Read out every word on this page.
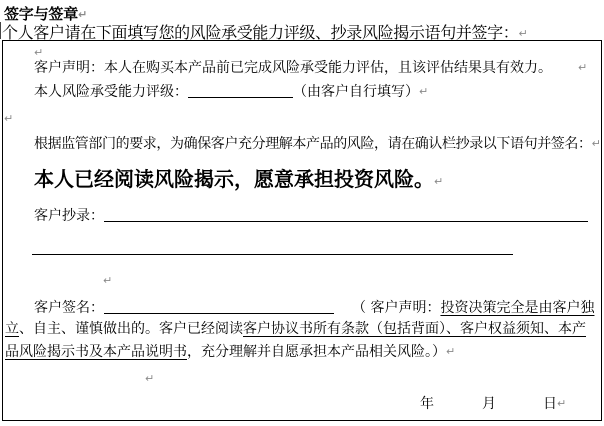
签字与签章↵
个人客户请在下面填写您的风险承受能力评级、抄录风险揭示语句并签字：↵
↵
客户声明：本人在购买本产品前已完成风险承受能力评估，且该评估结果具有效力。 ↵
本人风险承受能力评级：	（由客户自行填写）↵
↵
根据监管部门的要求，为确保客户充分理解本产品的风险，请在确认栏抄录以下语句并签名：↵
本人已经阅读风险揭示，愿意承担投资风险。↵
客户抄录：
↵
客户签名：	（ 客户声明：投资决策完全是由客户独
立、自主、谨慎做出的。客户已经阅读客户协议书所有条款（包括背面）、客户权益须知、本产
品风险揭示书及本产品说明书，充分理解并自愿承担本产品相关风险。）↵
↵
年	月	日↵
